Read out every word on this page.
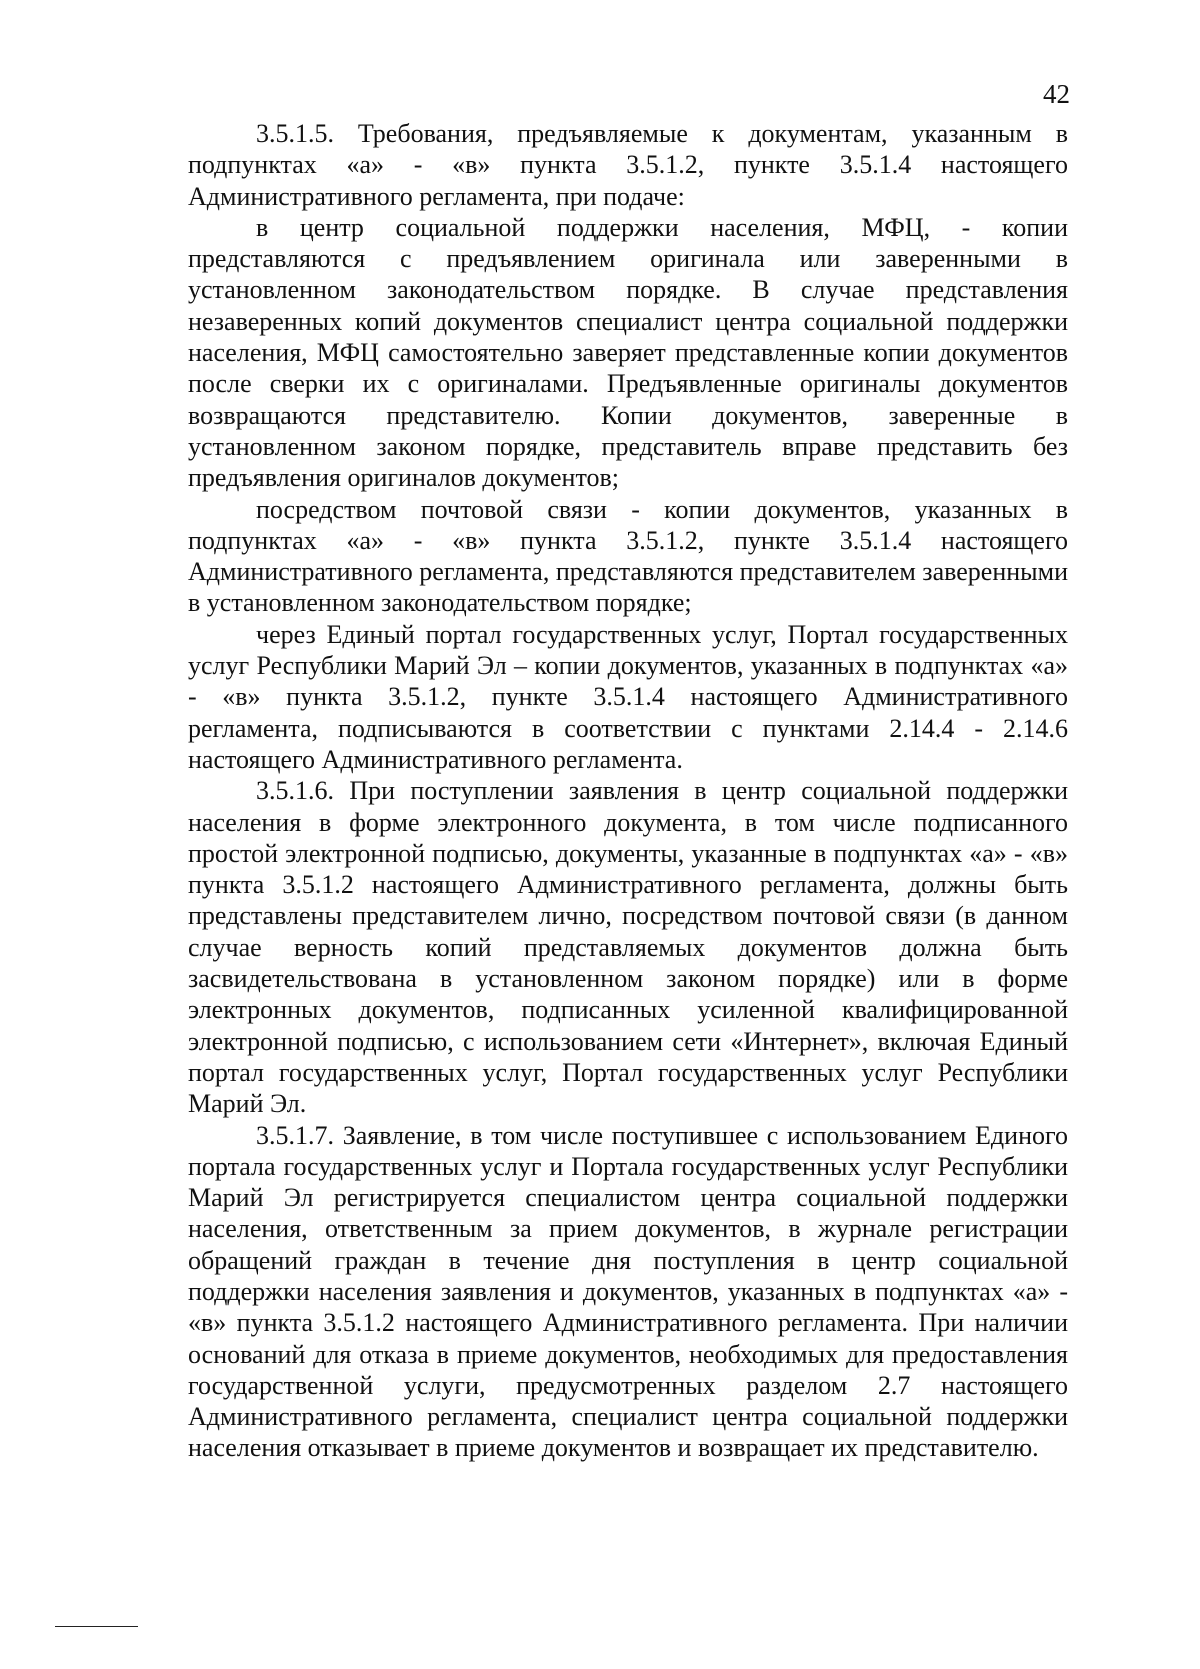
42

3.5.1.5. Требования, предъявляемые к документам, указанным в подпунктах «а» - «в» пункта 3.5.1.2, пункте 3.5.1.4 настоящего Административного регламента, при подаче:

в центр социальной поддержки населения, МФЦ, - копии представляются с предъявлением оригинала или заверенными в установленном законодательством порядке. В случае представления незаверенных копий документов специалист центра социальной поддержки населения, МФЦ самостоятельно заверяет представленные копии документов после сверки их с оригиналами. Предъявленные оригиналы документов возвращаются представителю. Копии документов, заверенные в установленном законом порядке, представитель вправе представить без предъявления оригиналов документов;

посредством почтовой связи - копии документов, указанных в подпунктах «а» - «в» пункта 3.5.1.2, пункте 3.5.1.4 настоящего Административного регламента, представляются представителем заверенными в установленном законодательством порядке;

через Единый портал государственных услуг, Портал государственных услуг Республики Марий Эл – копии документов, указанных в подпунктах «а» - «в» пункта 3.5.1.2, пункте 3.5.1.4 настоящего Административного регламента, подписываются в соответствии с пунктами 2.14.4 - 2.14.6 настоящего Административного регламента.

3.5.1.6. При поступлении заявления в центр социальной поддержки населения в форме электронного документа, в том числе подписанного простой электронной подписью, документы, указанные в подпунктах «а» - «в» пункта 3.5.1.2 настоящего Административного регламента, должны быть представлены представителем лично, посредством почтовой связи (в данном случае верность копий представляемых документов должна быть засвидетельствована в установленном законом порядке) или в форме электронных документов, подписанных усиленной квалифицированной электронной подписью, с использованием сети «Интернет», включая Единый портал государственных услуг, Портал государственных услуг Республики Марий Эл.

3.5.1.7. Заявление, в том числе поступившее с использованием Единого портала государственных услуг и Портала государственных услуг Республики Марий Эл регистрируется специалистом центра социальной поддержки населения, ответственным за прием документов, в журнале регистрации обращений граждан в течение дня поступления в центр социальной поддержки населения заявления и документов, указанных в подпунктах «а» - «в» пункта 3.5.1.2 настоящего Административного регламента. При наличии оснований для отказа в приеме документов, необходимых для предоставления государственной услуги, предусмотренных разделом 2.7 настоящего Административного регламента, специалист центра социальной поддержки населения отказывает в приеме документов и возвращает их представителю.
